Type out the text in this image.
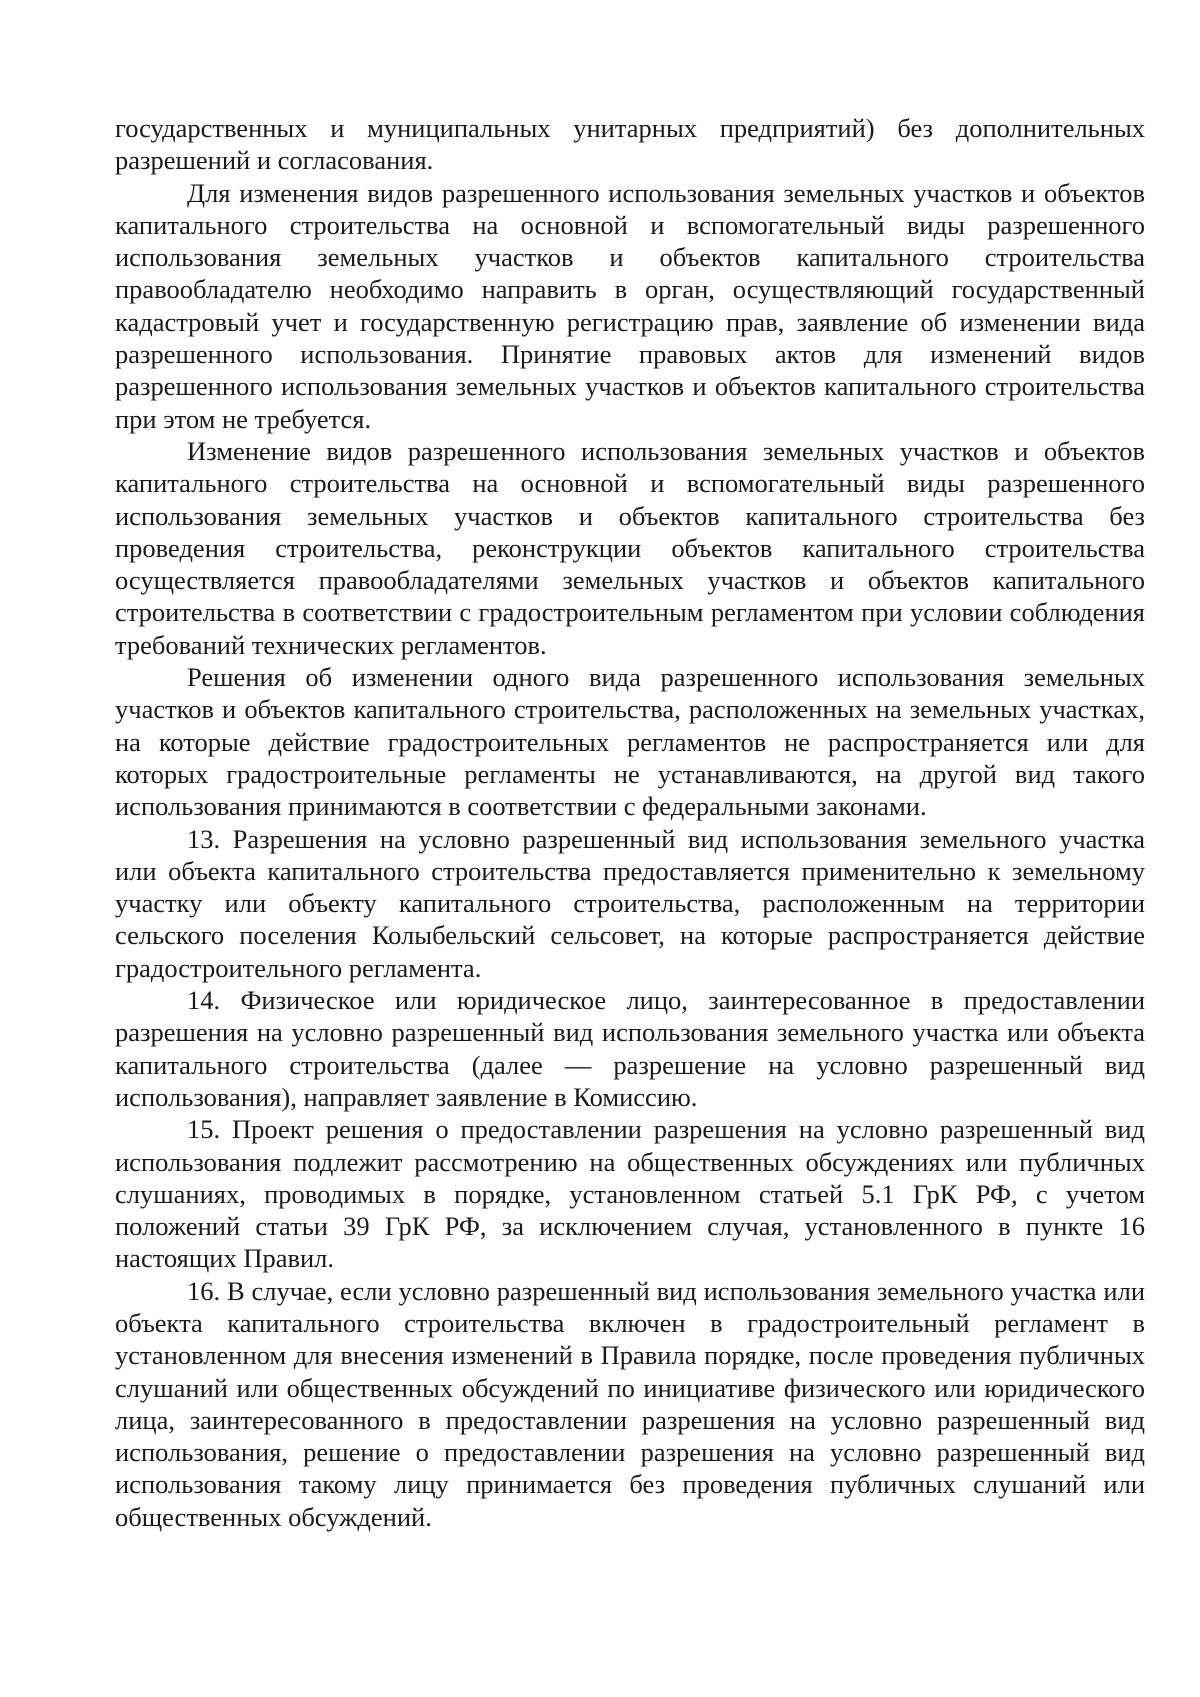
государственных и муниципальных унитарных предприятий) без дополнительных разрешений и согласования.

Для изменения видов разрешенного использования земельных участков и объектов капитального строительства на основной и вспомогательный виды разрешенного использования земельных участков и объектов капитального строительства правообладателю необходимо направить в орган, осуществляющий государственный кадастровый учет и государственную регистрацию прав, заявление об изменении вида разрешенного использования. Принятие правовых актов для изменений видов разрешенного использования земельных участков и объектов капитального строительства при этом не требуется.

Изменение видов разрешенного использования земельных участков и объектов капитального строительства на основной и вспомогательный виды разрешенного использования земельных участков и объектов капитального строительства без проведения строительства, реконструкции объектов капитального строительства осуществляется правообладателями земельных участков и объектов капитального строительства в соответствии с градостроительным регламентом при условии соблюдения требований технических регламентов.

Решения об изменении одного вида разрешенного использования земельных участков и объектов капитального строительства, расположенных на земельных участках, на которые действие градостроительных регламентов не распространяется или для которых градостроительные регламенты не устанавливаются, на другой вид такого использования принимаются в соответствии с федеральными законами.

13. Разрешения на условно разрешенный вид использования земельного участка или объекта капитального строительства предоставляется применительно к земельному участку или объекту капитального строительства, расположенным на территории сельского поселения Колыбельский сельсовет, на которые распространяется действие градостроительного регламента.

14. Физическое или юридическое лицо, заинтересованное в предоставлении разрешения на условно разрешенный вид использования земельного участка или объекта капитального строительства (далее — разрешение на условно разрешенный вид использования), направляет заявление в Комиссию.

15. Проект решения о предоставлении разрешения на условно разрешенный вид использования подлежит рассмотрению на общественных обсуждениях или публичных слушаниях, проводимых в порядке, установленном статьей 5.1 ГрК РФ, с учетом положений статьи 39 ГрК РФ, за исключением случая, установленного в пункте 16 настоящих Правил.

16. В случае, если условно разрешенный вид использования земельного участка или объекта капитального строительства включен в градостроительный регламент в установленном для внесения изменений в Правила порядке, после проведения публичных слушаний или общественных обсуждений по инициативе физического или юридического лица, заинтересованного в предоставлении разрешения на условно разрешенный вид использования, решение о предоставлении разрешения на условно разрешенный вид использования такому лицу принимается без проведения публичных слушаний или общественных обсуждений.
